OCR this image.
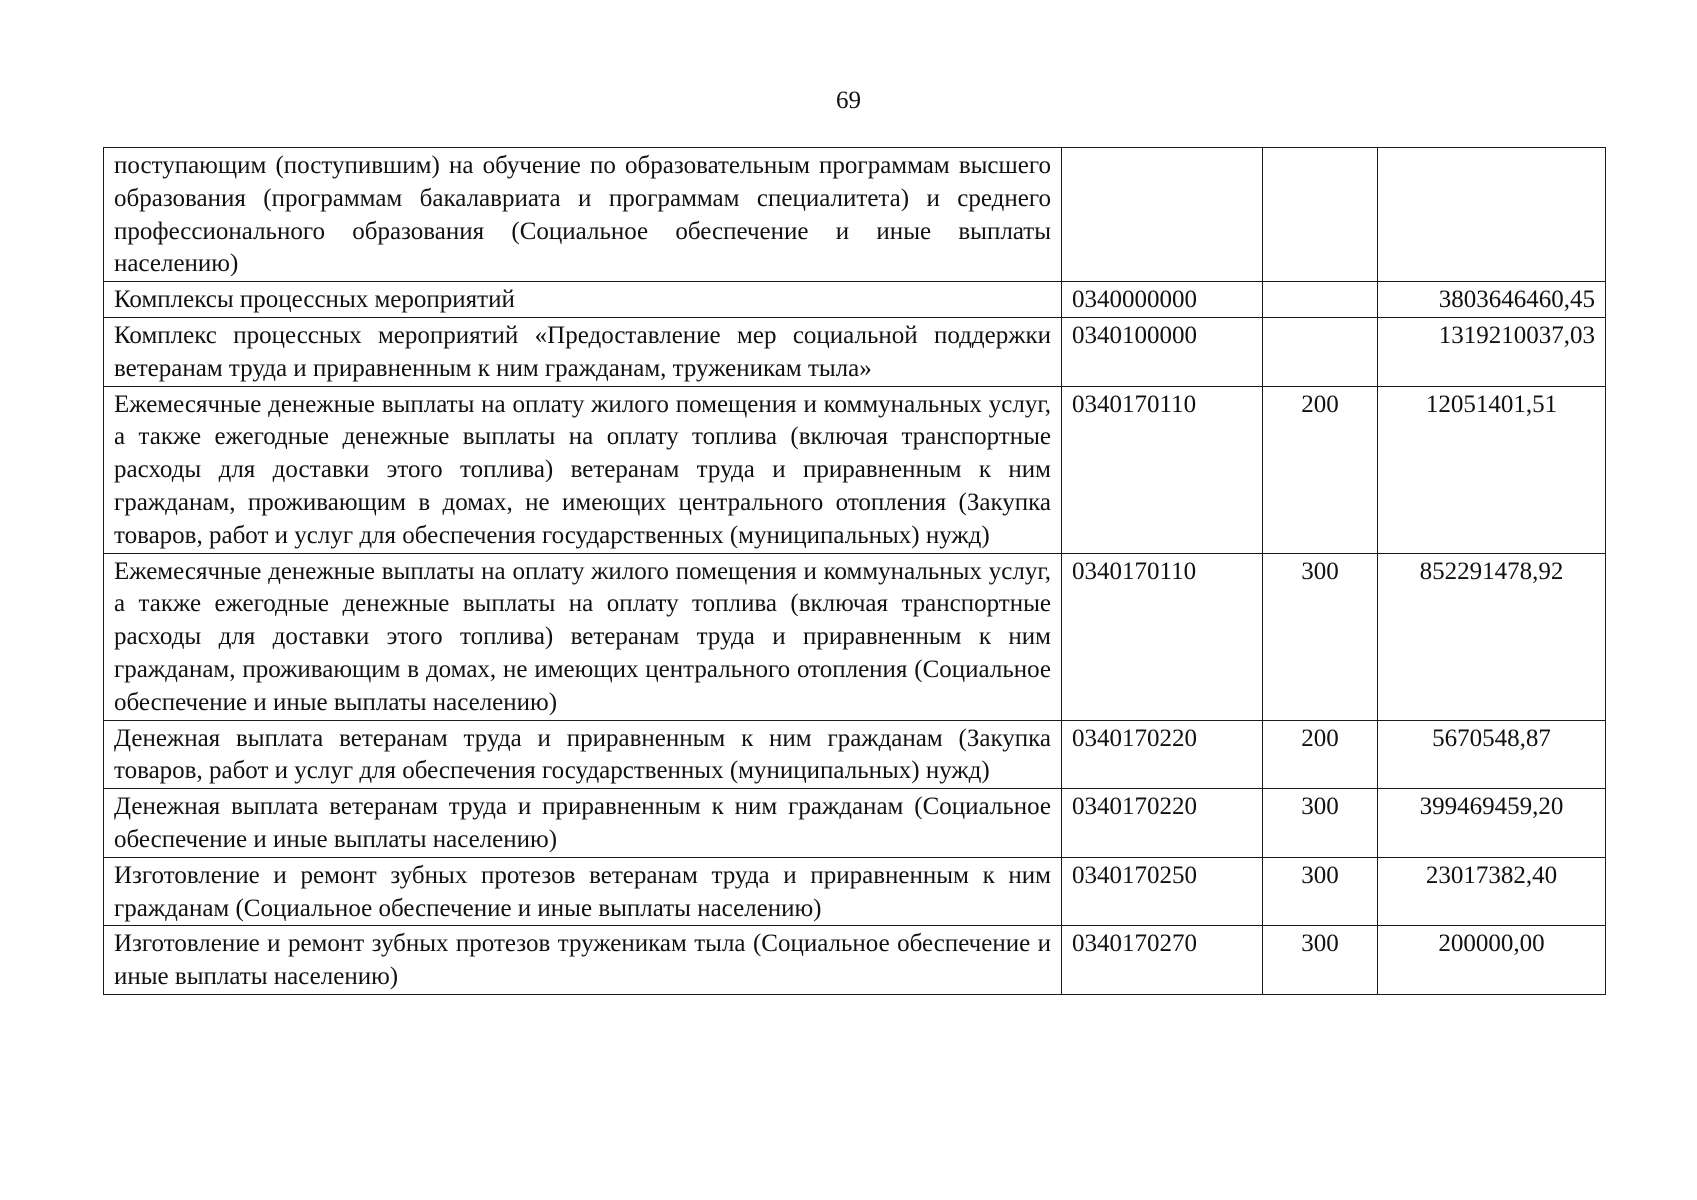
69
поступающим (поступившим) на обучение по образовательным программам высшего образования (программам бакалавриата и программам специалитета) и среднего профессионального образования (Социальное обеспечение и иные выплаты населению)			
Комплексы процессных мероприятий	0340000000		3803646460,45
Комплекс процессных мероприятий «Предоставление мер социальной поддержки ветеранам труда и приравненным к ним гражданам, труженикам тыла»	0340100000		1319210037,03
Ежемесячные денежные выплаты на оплату жилого помещения и коммунальных услуг, а также ежегодные денежные выплаты на оплату топлива (включая транспортные расходы для доставки этого топлива) ветеранам труда и приравненным к ним гражданам, проживающим в домах, не имеющих центрального отопления (Закупка товаров, работ и услуг для обеспечения государственных (муниципальных) нужд)	0340170110	200	12051401,51
Ежемесячные денежные выплаты на оплату жилого помещения и коммунальных услуг, а также ежегодные денежные выплаты на оплату топлива (включая транспортные расходы для доставки этого топлива) ветеранам труда и приравненным к ним гражданам, проживающим в домах, не имеющих центрального отопления (Социальное обеспечение и иные выплаты населению)	0340170110	300	852291478,92
Денежная выплата ветеранам труда и приравненным к ним гражданам (Закупка товаров, работ и услуг для обеспечения государственных (муниципальных) нужд)	0340170220	200	5670548,87
Денежная выплата ветеранам труда и приравненным к ним гражданам (Социальное обеспечение и иные выплаты населению)	0340170220	300	399469459,20
Изготовление и ремонт зубных протезов ветеранам труда и приравненным к ним гражданам (Социальное обеспечение и иные выплаты населению)	0340170250	300	23017382,40
Изготовление и ремонт зубных протезов труженикам тыла (Социальное обеспечение и иные выплаты населению)	0340170270	300	200000,00
